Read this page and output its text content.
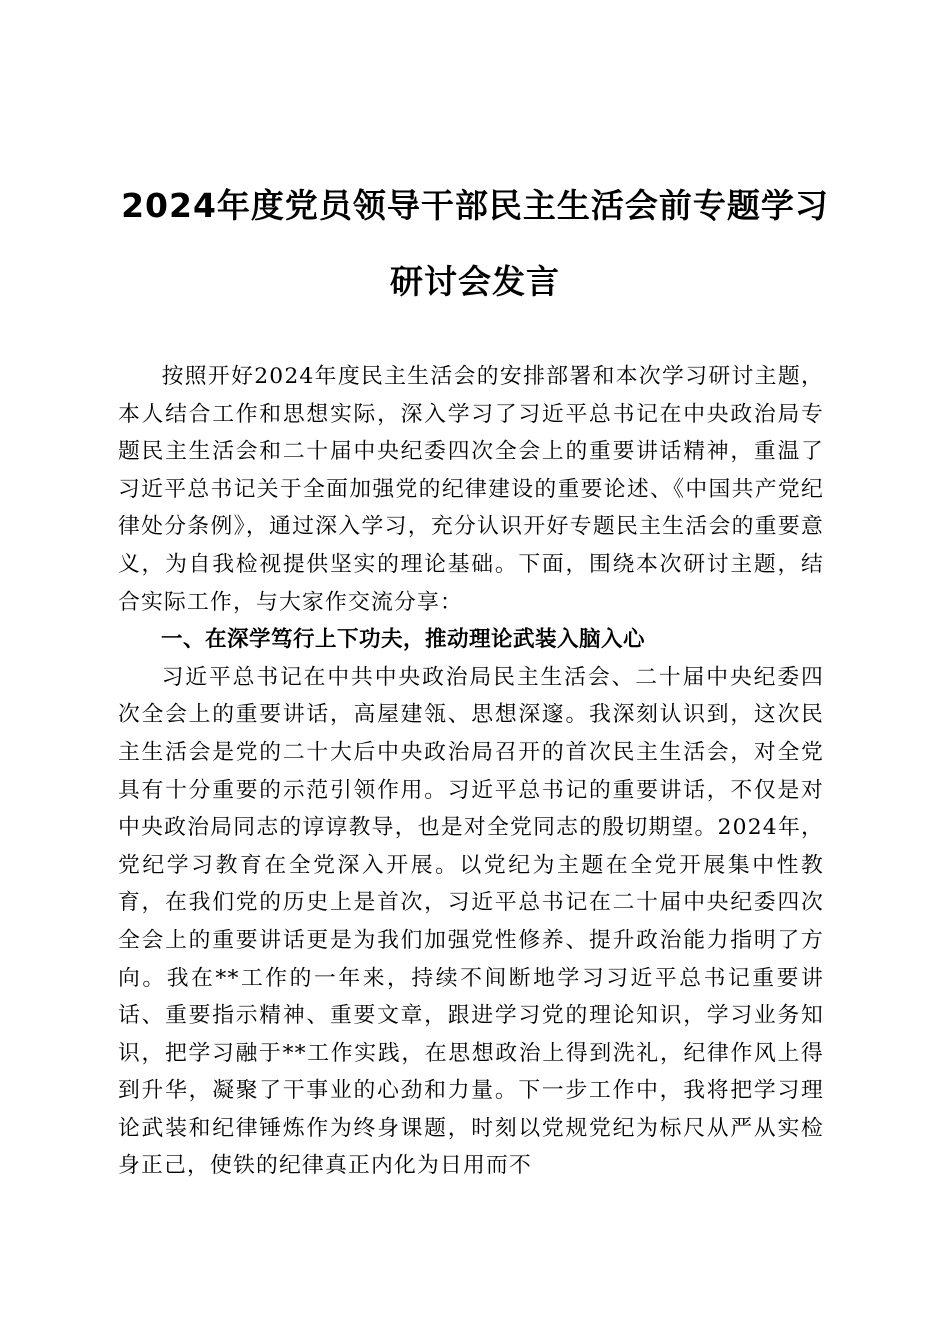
2024年度党员领导干部民主生活会前专题学习研讨会发言

按照开好2024年度民主生活会的安排部署和本次学习研讨主题，本人结合工作和思想实际，深入学习了习近平总书记在中央政治局专题民主生活会和二十届中央纪委四次全会上的重要讲话精神，重温了习近平总书记关于全面加强党的纪律建设的重要论述、《中国共产党纪律处分条例》，通过深入学习，充分认识开好专题民主生活会的重要意义，为自我检视提供坚实的理论基础。下面，围绕本次研讨主题，结合实际工作，与大家作交流分享：

一、在深学笃行上下功夫，推动理论武装入脑入心

习近平总书记在中共中央政治局民主生活会、二十届中央纪委四次全会上的重要讲话，高屋建瓴、思想深邃。我深刻认识到，这次民主生活会是党的二十大后中央政治局召开的首次民主生活会，对全党具有十分重要的示范引领作用。习近平总书记的重要讲话，不仅是对中央政治局同志的谆谆教导，也是对全党同志的殷切期望。2024年，党纪学习教育在全党深入开展。以党纪为主题在全党开展集中性教育，在我们党的历史上是首次，习近平总书记在二十届中央纪委四次全会上的重要讲话更是为我们加强党性修养、提升政治能力指明了方向。我在**工作的一年来，持续不间断地学习习近平总书记重要讲话、重要指示精神、重要文章，跟进学习党的理论知识，学习业务知识，把学习融于**工作实践，在思想政治上得到洗礼，纪律作风上得到升华，凝聚了干事业的心劲和力量。下一步工作中，我将把学习理论武装和纪律锤炼作为终身课题，时刻以党规党纪为标尺从严从实检身正己，使铁的纪律真正内化为日用而不
